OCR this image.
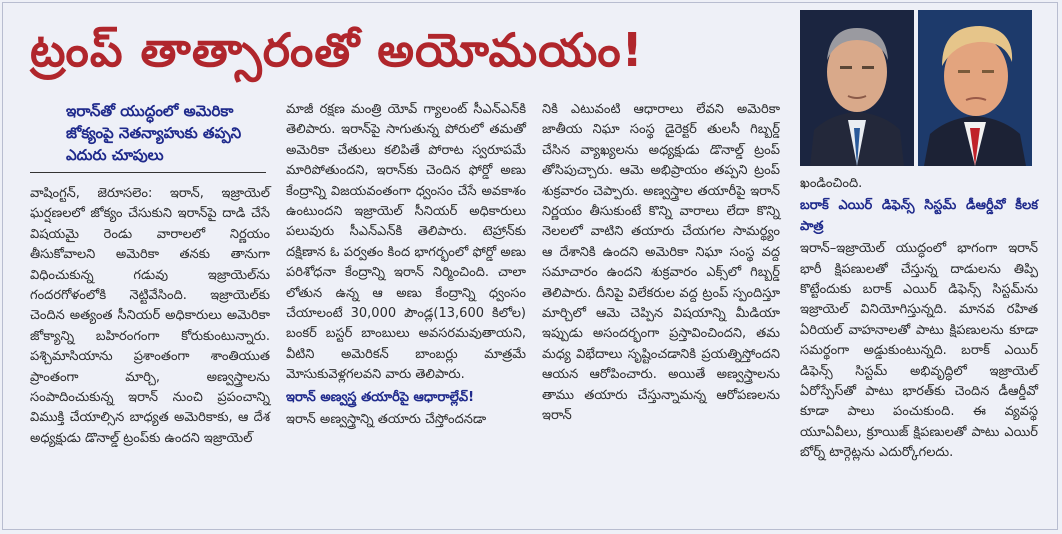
ట్రంప్ తాత్సారంతో అయోమయం!
ఇరాన్‌తో యుద్ధంలో అమెరికా జోక్యంపై నెతన్యాహుకు తప్పని ఎదురు చూపులు

వాషింగ్టన్, జెరూసలెం: ఇరాన్, ఇజ్రాయెల్ ఘర్షణలలో జోక్యం చేసుకుని ఇరాన్‌పై దాడి చేసే విషయమై రెండు వారాలలో నిర్ణయం తీసుకోవాలని అమెరికా తనకు తానుగా విధించుకున్న గడువు ఇజ్రాయెల్‌ను గందరగోళంలోకి నెట్టివేసింది. ఇజ్రాయెల్‌కు చెందిన అత్యంత సీనియర్ అధికారులు అమెరికా జోక్యాన్ని బహిరంగంగా కోరుకుంటున్నారు. పశ్చిమాసియాను ప్రశాంతంగా శాంతియుత ప్రాంతంగా మార్చి, అణ్వస్త్రాలను సంపాదించుకున్న ఇరాన్ నుంచి ప్రపంచాన్ని విముక్తి చేయాల్సిన బాధ్యత అమెరికాకు, ఆ దేశ అధ్యక్షుడు డొనాల్డ్ ట్రంప్‌కు ఉందని ఇజ్రాయెల్

మాజీ రక్షణ మంత్రి యోవ్ గ్యాలంట్ సీఎన్ఎన్‌కి తెలిపారు. ఇరాన్‌పై సాగుతున్న పోరులో తమతో అమెరికా చేతులు కలిపితే పోరాట స్వరూపమే మారిపోతుందని, ఇరాన్‌కు చెందిన ఫోర్డో అణు కేంద్రాన్ని విజయవంతంగా ధ్వంసం చేసే అవకాశం ఉంటుందని ఇజ్రాయెల్ సీనియర్ అధికారులు పలువురు సీఎన్ఎన్‌కి తెలిపారు. టెహ్రాన్‌కు దక్షిణాన ఓ పర్వతం కింద భాగర్భంలో ఫోర్డో అణు పరిశోధనా కేంద్రాన్ని ఇరాన్ నిర్మించింది. చాలా లోతున ఉన్న ఆ అణు కేంద్రాన్ని ధ్వంసం చేయాలంటే 30,000 పౌండ్ల(13,600 కిలోల) బంకర్ బస్టర్ బాంబులు అవసరమవుతాయని, వీటిని అమెరికన్ బాంబర్లు మాత్రమే మోసుకువెళ్లగలవని వారు తెలిపారు.

ఇరాన్ అణ్వస్త్ర తయారీపై ఆధారాల్లేవ్!

ఇరాన్ అణ్వస్త్రాన్ని తయారు చేస్తోందనడా

నికి ఎటువంటి ఆధారాలు లేవని అమెరికా జాతీయ నిఘా సంస్థ డైరెక్టర్ తులసీ గిబ్బర్డ్ చేసిన వ్యాఖ్యలను అధ్యక్షుడు డొనాల్డ్ ట్రంప్ తోసిపుచ్చారు. ఆమె అభిప్రాయం తప్పని ట్రంప్ శుక్రవారం చెప్పారు. అణ్వస్త్రాల తయారీపై ఇరాన్ నిర్ణయం తీసుకుంటే కొన్ని వారాలు లేదా కొన్ని నెలలలో వాటిని తయారు చేయగల సామర్థ్యం ఆ దేశానికి ఉందని అమెరికా నిఘా సంస్థ వద్ద సమాచారం ఉందని శుక్రవారం ఎక్స్‌లో గిబ్బర్డ్ తెలిపారు. దీనిపై విలేకరుల వద్ద ట్రంప్ స్పందిస్తూ మార్చిలో ఆమె చెప్పిన విషయాన్ని మీడియా ఇప్పుడు అసందర్భంగా ప్రస్తావించిందని, తమ మధ్య విభేదాలు సృష్టించడానికి ప్రయత్నిస్తోందని ఆయన ఆరోపించారు. అయితే అణ్వస్త్రాలను తాము తయారు చేస్తున్నామన్న ఆరోపణలను ఇరాన్

ఖండించింది.

బరాక్ ఎయిర్ డిఫెన్స్ సిస్టమ్ డీఆర్డీవో కీలక పాత్ర

ఇరాన్–ఇజ్రాయెల్ యుద్ధంలో భాగంగా ఇరాన్ భారీ క్షిపణులతో చేస్తున్న దాడులను తిప్పి కొట్టేందుకు బరాక్ ఎయిర్ డిఫెన్స్ సిస్టమ్‌ను ఇజ్రాయెల్ వినియోగిస్తున్నది. మానవ రహిత ఏరియల్ వాహనాలతో పాటు క్షిపణులను కూడా సమర్థంగా అడ్డుకుంటున్నది. బరాక్ ఎయిర్ డిఫెన్స్ సిస్టమ్ అభివృద్ధిలో ఇజ్రాయెల్ ఏరోస్పేస్‌తో పాటు భారత్‌కు చెందిన డీఆర్డీవో కూడా పాలు పంచుకుంది. ఈ వ్యవస్థ యూఏవీలు, క్రూయిజ్ క్షిపణులతో పాటు ఎయిర్ బోర్న్ టార్గెట్లను ఎదుర్కోగలదు.
